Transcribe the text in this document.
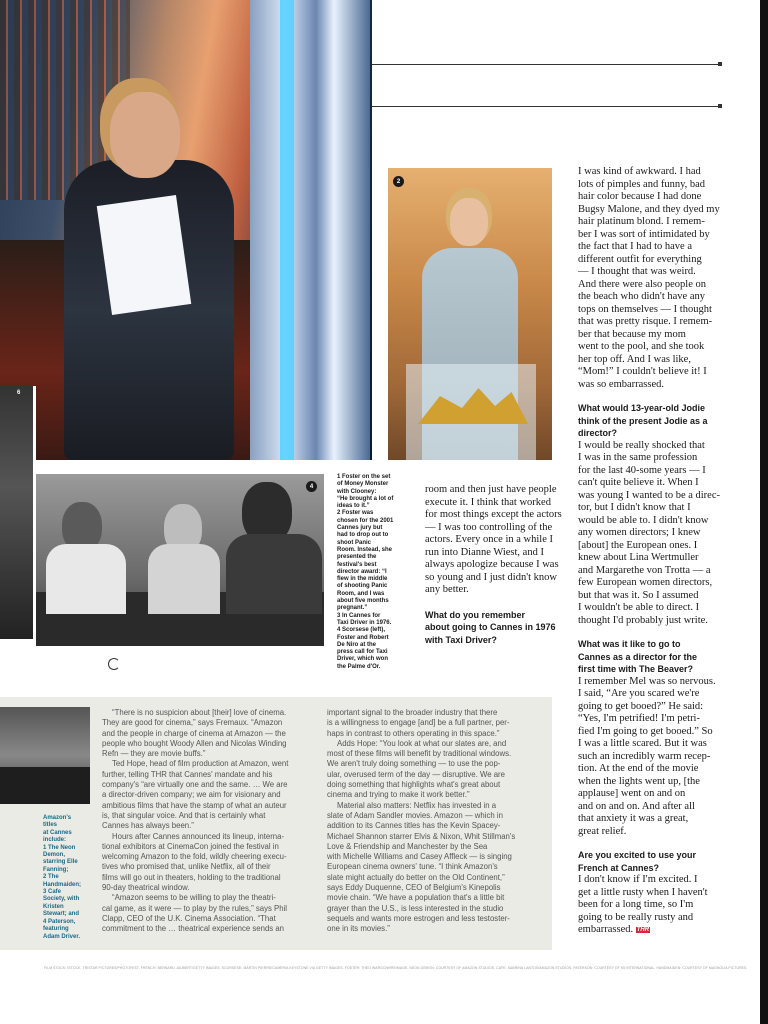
2
6
4
1 Foster on the set
of Money Monster
with Clooney:
“He brought a lot of
ideas to it.”
2 Foster was
chosen for the 2001
Cannes jury but
had to drop out to
shoot Panic
Room. Instead, she
presented the
festival's best
director award: “I
flew in the middle
of shooting Panic
Room, and I was
about five months
pregnant.”
3 In Cannes for
Taxi Driver in 1976.
4 Scorsese (left),
Foster and Robert
De Niro at the
press call for Taxi
Driver, which won
the Palme d'Or.
room and then just have people
execute it. I think that worked
for most things except the actors
— I was too controlling of the
actors. Every once in a while I
run into Dianne Wiest, and I
always apologize because I was
so young and I just didn't know
any better.
What do you remember
about going to Cannes in 1976
with Taxi Driver?
I was kind of awkward. I had
lots of pimples and funny, bad
hair color because I had done
Bugsy Malone, and they dyed my
hair platinum blond. I remem-
ber I was sort of intimidated by
the fact that I had to have a
different outfit for everything
— I thought that was weird.
And there were also people on
the beach who didn't have any
tops on themselves — I thought
that was pretty risque. I remem-
ber that because my mom
went to the pool, and she took
her top off. And I was like,
“Mom!” I couldn't believe it! I
was so embarrassed.
What would 13-year-old Jodie
think of the present Jodie as a
director?
I would be really shocked that
I was in the same profession
for the last 40-some years — I
can't quite believe it. When I
was young I wanted to be a direc-
tor, but I didn't know that I
would be able to. I didn't know
any women directors; I knew
[about] the European ones. I
knew about Lina Wertmuller
and Margarethe von Trotta — a
few European women directors,
but that was it. So I assumed
I wouldn't be able to direct. I
thought I'd probably just write.
What was it like to go to
Cannes as a director for the
first time with The Beaver?
I remember Mel was so nervous.
I said, “Are you scared we're
going to get booed?” He said:
“Yes, I'm petrified! I'm petri-
fied I'm going to get booed.” So
I was a little scared. But it was
such an incredibly warm recep-
tion. At the end of the movie
when the lights went up, [the
applause] went on and on
and on and on. And after all
that anxiety it was a great,
great relief.
Are you excited to use your
French at Cannes?
I don't know if I'm excited. I
get a little rusty when I haven't
been for a long time, so I'm
going to be really rusty and
embarrassed. THR
Amazon's
titles
at Cannes
include:
1 The Neon
Demon,
starring Elle
Fanning;
2 The
Handmaiden;
3 Cafe
Society, with
Kristen
Stewart; and
4 Paterson,
featuring
Adam Driver.
“There is no suspicion about [their] love of cinema.
They are good for cinema,” says Fremaux. “Amazon
and the people in charge of cinema at Amazon — the
people who bought Woody Allen and Nicolas Winding
Refn — they are movie buffs.”
Ted Hope, head of film production at Amazon, went
further, telling THR that Cannes' mandate and his
company's “are virtually one and the same. … We are
a director-driven company; we aim for visionary and
ambitious films that have the stamp of what an auteur
is, that singular voice. And that is certainly what
Cannes has always been.”
Hours after Cannes announced its lineup, interna-
tional exhibitors at CinemaCon joined the festival in
welcoming Amazon to the fold, wildly cheering execu-
tives who promised that, unlike Netflix, all of their
films will go out in theaters, holding to the traditional
90-day theatrical window.
“Amazon seems to be willing to play the theatri-
cal game, as it were — to play by the rules,” says Phil
Clapp, CEO of the U.K. Cinema Association. “That
commitment to the … theatrical experience sends an
important signal to the broader industry that there
is a willingness to engage [and] be a full partner, per-
haps in contrast to others operating in this space.”
Adds Hope: “You look at what our slates are, and
most of these films will benefit by traditional windows.
We aren't truly doing something — to use the pop-
ular, overused term of the day — disruptive. We are
doing something that highlights what's great about
cinema and trying to make it work better.”
Material also matters: Netflix has invested in a
slate of Adam Sandler movies. Amazon — which in
addition to its Cannes titles has the Kevin Spacey-
Michael Shannon starrer Elvis & Nixon, Whit Stillman's
Love & Friendship and Manchester by the Sea
with Michelle Williams and Casey Affleck — is singing
European cinema owners' tune. “I think Amazon's
slate might actually do better on the Old Continent,”
says Eddy Duquenne, CEO of Belgium's Kinepolis
movie chain. “We have a population that's a little bit
grayer than the U.S., is less interested in the studio
sequels and wants more estrogen and less testoster-
one in its movies.”
FILM STOCK: ISTOCK. TRISTAR PICTURES/PHOTOFEST. FRENCH: BERNARD JAUBERT/GETTY IMAGES. SCORSESE: MARTIN PIERRE/CAMERIA KEYSTONE VIA GETTY IMAGES. FOSTER: THEO WARGO/WIREIMAGE. NEON DEMON: COURTESY OF AMAZON STUDIOS. CAFE: SABRINA LANTOS/AMAZON STUDIOS. PATERSON: COURTESY OF K5 INTERNATIONAL. HANDMAIDEN: COURTESY OF MAGNOLIA PICTURES.
